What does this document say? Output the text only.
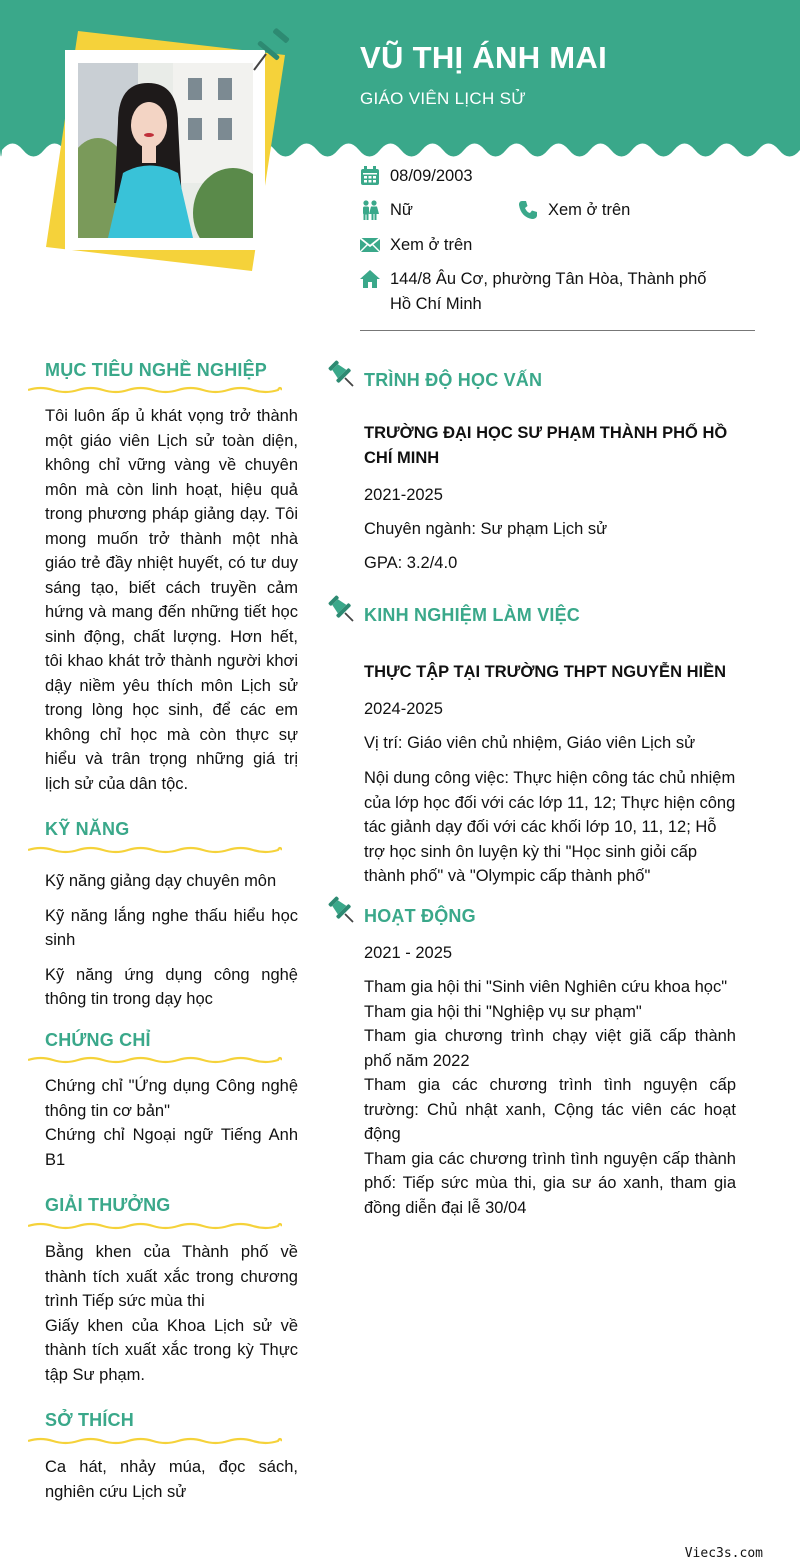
VŨ THỊ ÁNH MAI
GIÁO VIÊN LỊCH SỬ
08/09/2003
Nữ	Xem ở trên
Xem ở trên
144/8 Âu Cơ, phường Tân Hòa, Thành phố Hồ Chí Minh
MỤC TIÊU NGHỀ NGHIỆP
Tôi luôn ấp ủ khát vọng trở thành một giáo viên Lịch sử toàn diện, không chỉ vững vàng về chuyên môn mà còn linh hoạt, hiệu quả trong phương pháp giảng dạy. Tôi mong muốn trở thành một nhà giáo trẻ đầy nhiệt huyết, có tư duy sáng tạo, biết cách truyền cảm hứng và mang đến những tiết học sinh động, chất lượng. Hơn hết, tôi khao khát trở thành người khơi dậy niềm yêu thích môn Lịch sử trong lòng học sinh, để các em không chỉ học mà còn thực sự hiểu và trân trọng những giá trị lịch sử của dân tộc.
KỸ NĂNG

Kỹ năng giảng dạy chuyên môn

Kỹ năng lắng nghe thấu hiểu học sinh

Kỹ năng ứng dụng công nghệ thông tin trong dạy học

CHỨNG CHỈ

Chứng chỉ "Ứng dụng Công nghệ thông tin cơ bản"

Chứng chỉ Ngoại ngữ Tiếng Anh B1

GIẢI THƯỞNG

Bằng khen của Thành phố về thành tích xuất xắc trong chương trình Tiếp sức mùa thi

Giấy khen của Khoa Lịch sử về thành tích xuất xắc trong kỳ Thực tập Sư phạm.

SỞ THÍCH
Ca hát, nhảy múa, đọc sách, nghiên cứu Lịch sử
TRÌNH ĐỘ HỌC VẤN
TRƯỜNG ĐẠI HỌC SƯ PHẠM THÀNH PHỐ HỒ CHÍ MINH
2021-2025
Chuyên ngành: Sư phạm Lịch sử
GPA: 3.2/4.0
KINH NGHIỆM LÀM VIỆC
THỰC TẬP TẠI TRƯỜNG THPT NGUYỄN HIỀN
2024-2025
Vị trí: Giáo viên chủ nhiệm, Giáo viên Lịch sử
Nội dung công việc: Thực hiện công tác chủ nhiệm của lớp học đối với các lớp 11, 12; Thực hiện công tác giảnh dạy đối với các khối lớp 10, 11, 12; Hỗ trợ học sinh ôn luyện kỳ thi "Học sinh giỏi cấp thành phố" và "Olympic cấp thành phố"
HOẠT ĐỘNG
2021 - 2025

Tham gia hội thi "Sinh viên Nghiên cứu khoa học"

Tham gia hội thi "Nghiệp vụ sư phạm"

Tham gia chương trình chạy việt giã cấp thành phố năm 2022

Tham gia các chương trình tình nguyện cấp trường: Chủ nhật xanh, Cộng tác viên các hoạt động

Tham gia các chương trình tình nguyện cấp thành phố: Tiếp sức mùa thi, gia sư áo xanh, tham gia đồng diễn đại lễ 30/04

Viec3s.com
